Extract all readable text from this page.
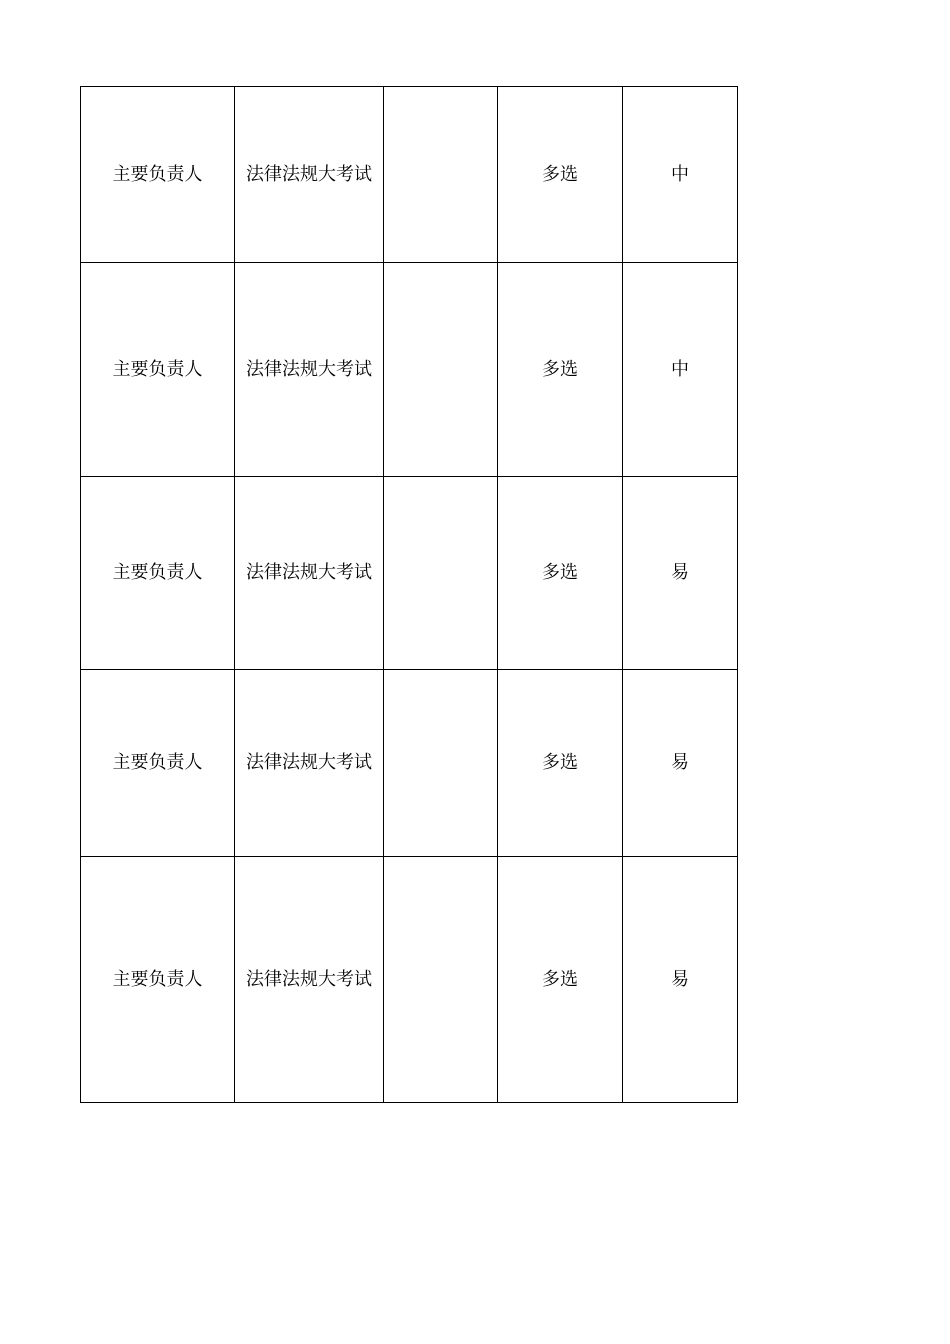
主要负责人	法律法规大考试		多选	中
主要负责人	法律法规大考试		多选	中
主要负责人	法律法规大考试		多选	易
主要负责人	法律法规大考试		多选	易
主要负责人	法律法规大考试		多选	易
